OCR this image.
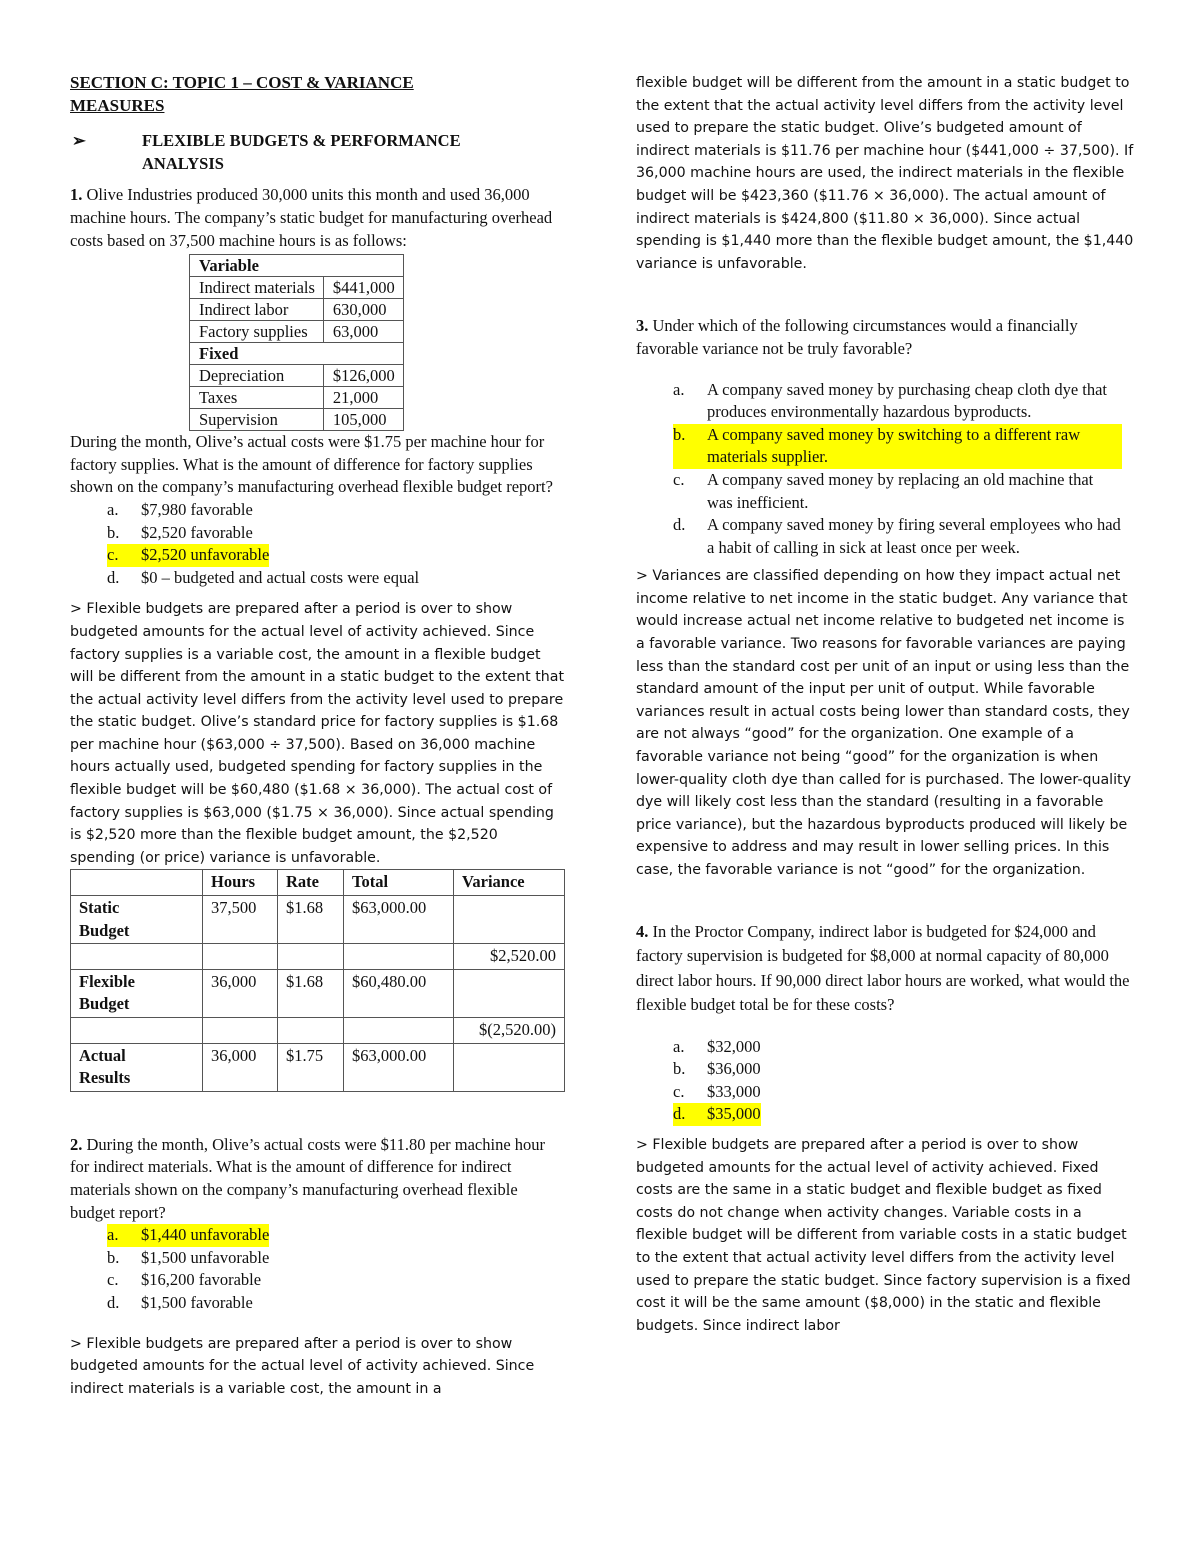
SECTION C: TOPIC 1 – COST & VARIANCE
MEASURES

➢	FLEXIBLE BUDGETS & PERFORMANCE
ANALYSIS

1. Olive Industries produced 30,000 units this month and used 36,000 machine hours. The company’s static budget for manufacturing overhead costs based on 37,500 machine hours is as follows:

Variable	
Indirect materials	$441,000
Indirect labor	630,000
Factory supplies	63,000
Fixed	
Depreciation	$126,000
Taxes	21,000
Supervision	105,000

During the month, Olive’s actual costs were $1.75 per machine hour for factory supplies. What is the amount of difference for factory supplies shown on the company’s manufacturing overhead flexible budget report?

a.	$7,980 favorable
b.	$2,520 favorable
c.	$2,520 unfavorable
d.	$0 – budgeted and actual costs were equal

> Flexible budgets are prepared after a period is over to show budgeted amounts for the actual level of activity achieved. Since factory supplies is a variable cost, the amount in a flexible budget will be different from the amount in a static budget to the extent that the actual activity level differs from the activity level used to prepare the static budget. Olive’s standard price for factory supplies is $1.68 per machine hour ($63,000 ÷ 37,500). Based on 36,000 machine hours actually used, budgeted spending for factory supplies in the flexible budget will be $60,480 ($1.68 × 36,000). The actual cost of factory supplies is $63,000 ($1.75 × 36,000). Since actual spending is $2,520 more than the flexible budget amount, the $2,520 spending (or price) variance is unfavorable.

	Hours	Rate	Total	Variance
Static
Budget	37,500	$1.68	$63,000.00	
				$2,520.00
Flexible
Budget	36,000	$1.68	$60,480.00	
				$(2,520.00)
Actual
Results	36,000	$1.75	$63,000.00	

2. During the month, Olive’s actual costs were $11.80 per machine hour for indirect materials. What is the amount of difference for indirect materials shown on the company’s manufacturing overhead flexible budget report?

a.	$1,440 unfavorable
b.	$1,500 unfavorable
c.	$16,200 favorable
d.	$1,500 favorable

> Flexible budgets are prepared after a period is over to show budgeted amounts for the actual level of activity achieved. Since indirect materials is a variable cost, the amount in a

flexible budget will be different from the amount in a static budget to the extent that the actual activity level differs from the activity level used to prepare the static budget. Olive’s budgeted amount of indirect materials is $11.76 per machine hour ($441,000 ÷ 37,500). If 36,000 machine hours are used, the indirect materials in the flexible budget will be $423,360 ($11.76 × 36,000). The actual amount of indirect materials is $424,800 ($11.80 × 36,000). Since actual spending is $1,440 more than the flexible budget amount, the $1,440 variance is unfavorable.

3. Under which of the following circumstances would a financially favorable variance not be truly favorable?

a.	A company saved money by purchasing cheap cloth dye that produces environmentally hazardous byproducts.
b.	A company saved money by switching to a different raw materials supplier.
c.	A company saved money by replacing an old machine that was inefficient.
d.	A company saved money by firing several employees who had a habit of calling in sick at least once per week.

> Variances are classified depending on how they impact actual net income relative to net income in the static budget. Any variance that would increase actual net income relative to budgeted net income is a favorable variance. Two reasons for favorable variances are paying less than the standard cost per unit of an input or using less than the standard amount of the input per unit of output. While favorable variances result in actual costs being lower than standard costs, they are not always “good” for the organization. One example of a favorable variance not being “good” for the organization is when lower-quality cloth dye than called for is purchased. The lower-quality dye will likely cost less than the standard (resulting in a favorable price variance), but the hazardous byproducts produced will likely be expensive to address and may result in lower selling prices. In this case, the favorable variance is not “good” for the organization.

4. In the Proctor Company, indirect labor is budgeted for $24,000 and factory supervision is budgeted for $8,000 at normal capacity of 80,000 direct labor hours. If 90,000 direct labor hours are worked, what would the flexible budget total be for these costs?

a.	$32,000
b.	$36,000
c.	$33,000
d.	$35,000

> Flexible budgets are prepared after a period is over to show budgeted amounts for the actual level of activity achieved. Fixed costs are the same in a static budget and flexible budget as fixed costs do not change when activity changes. Variable costs in a flexible budget will be different from variable costs in a static budget to the extent that actual activity level differs from the activity level used to prepare the static budget. Since factory supervision is a fixed cost it will be the same amount ($8,000) in the static and flexible budgets. Since indirect labor
